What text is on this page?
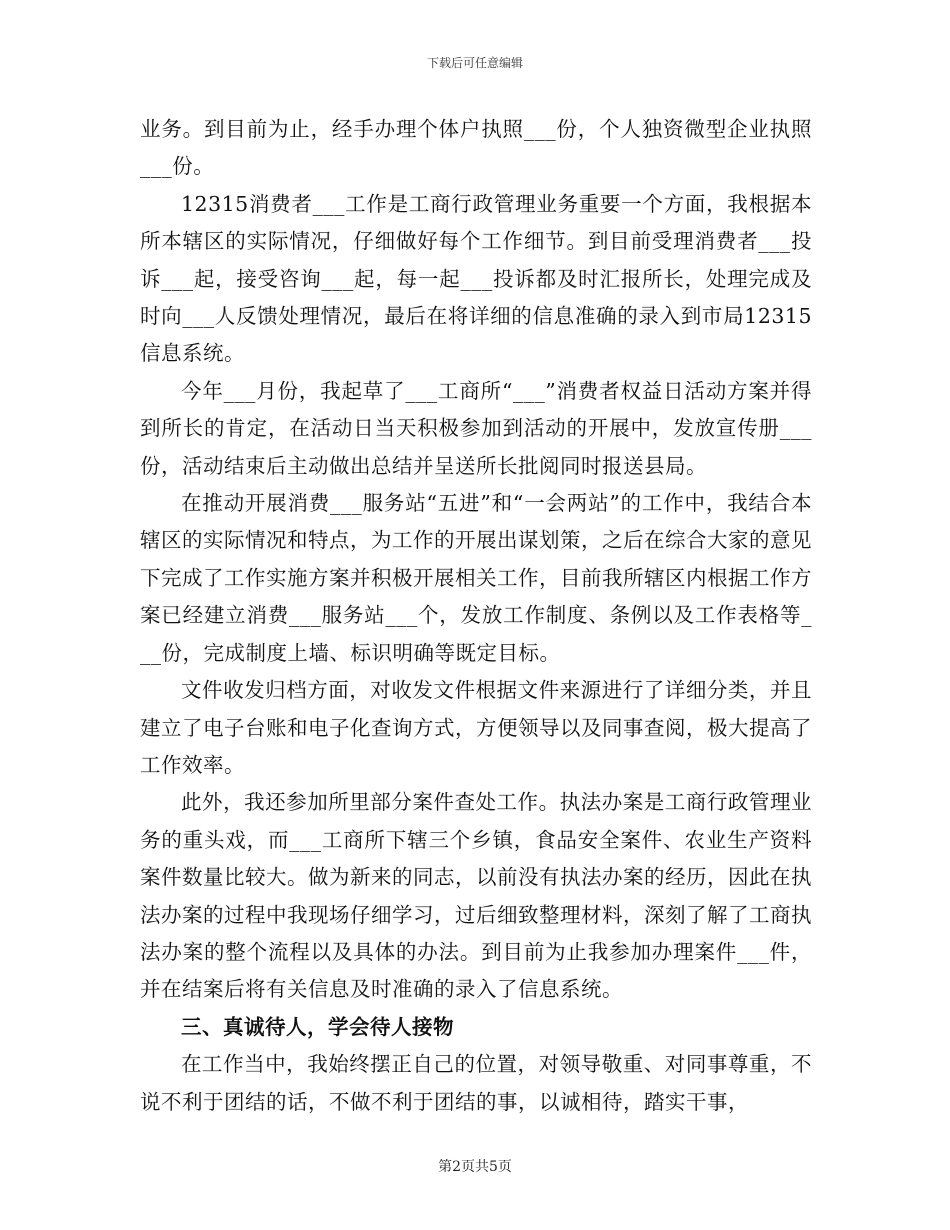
下载后可任意编辑

业务。到目前为止，经手办理个体户执照___份，个人独资微型企业执照___份。

12315消费者___工作是工商行政管理业务重要一个方面，我根据本所本辖区的实际情况，仔细做好每个工作细节。到目前受理消费者___投诉___起，接受咨询___起，每一起___投诉都及时汇报所长，处理完成及时向___人反馈处理情况，最后在将详细的信息准确的录入到市局12315信息系统。

今年___月份，我起草了___工商所“___”消费者权益日活动方案并得到所长的肯定，在活动日当天积极参加到活动的开展中，发放宣传册___份，活动结束后主动做出总结并呈送所长批阅同时报送县局。

在推动开展消费___服务站“五进”和“一会两站”的工作中，我结合本辖区的实际情况和特点，为工作的开展出谋划策，之后在综合大家的意见下完成了工作实施方案并积极开展相关工作，目前我所辖区内根据工作方案已经建立消费___服务站___个，发放工作制度、条例以及工作表格等___份，完成制度上墙、标识明确等既定目标。

文件收发归档方面，对收发文件根据文件来源进行了详细分类，并且建立了电子台账和电子化查询方式，方便领导以及同事查阅，极大提高了工作效率。

此外，我还参加所里部分案件查处工作。执法办案是工商行政管理业务的重头戏，而___工商所下辖三个乡镇，食品安全案件、农业生产资料案件数量比较大。做为新来的同志，以前没有执法办案的经历，因此在执法办案的过程中我现场仔细学习，过后细致整理材料，深刻了解了工商执法办案的整个流程以及具体的办法。到目前为止我参加办理案件___件，并在结案后将有关信息及时准确的录入了信息系统。

三、真诚待人，学会待人接物

在工作当中，我始终摆正自己的位置，对领导敬重、对同事尊重，不说不利于团结的话，不做不利于团结的事，以诚相待，踏实干事，

第2页共5页
